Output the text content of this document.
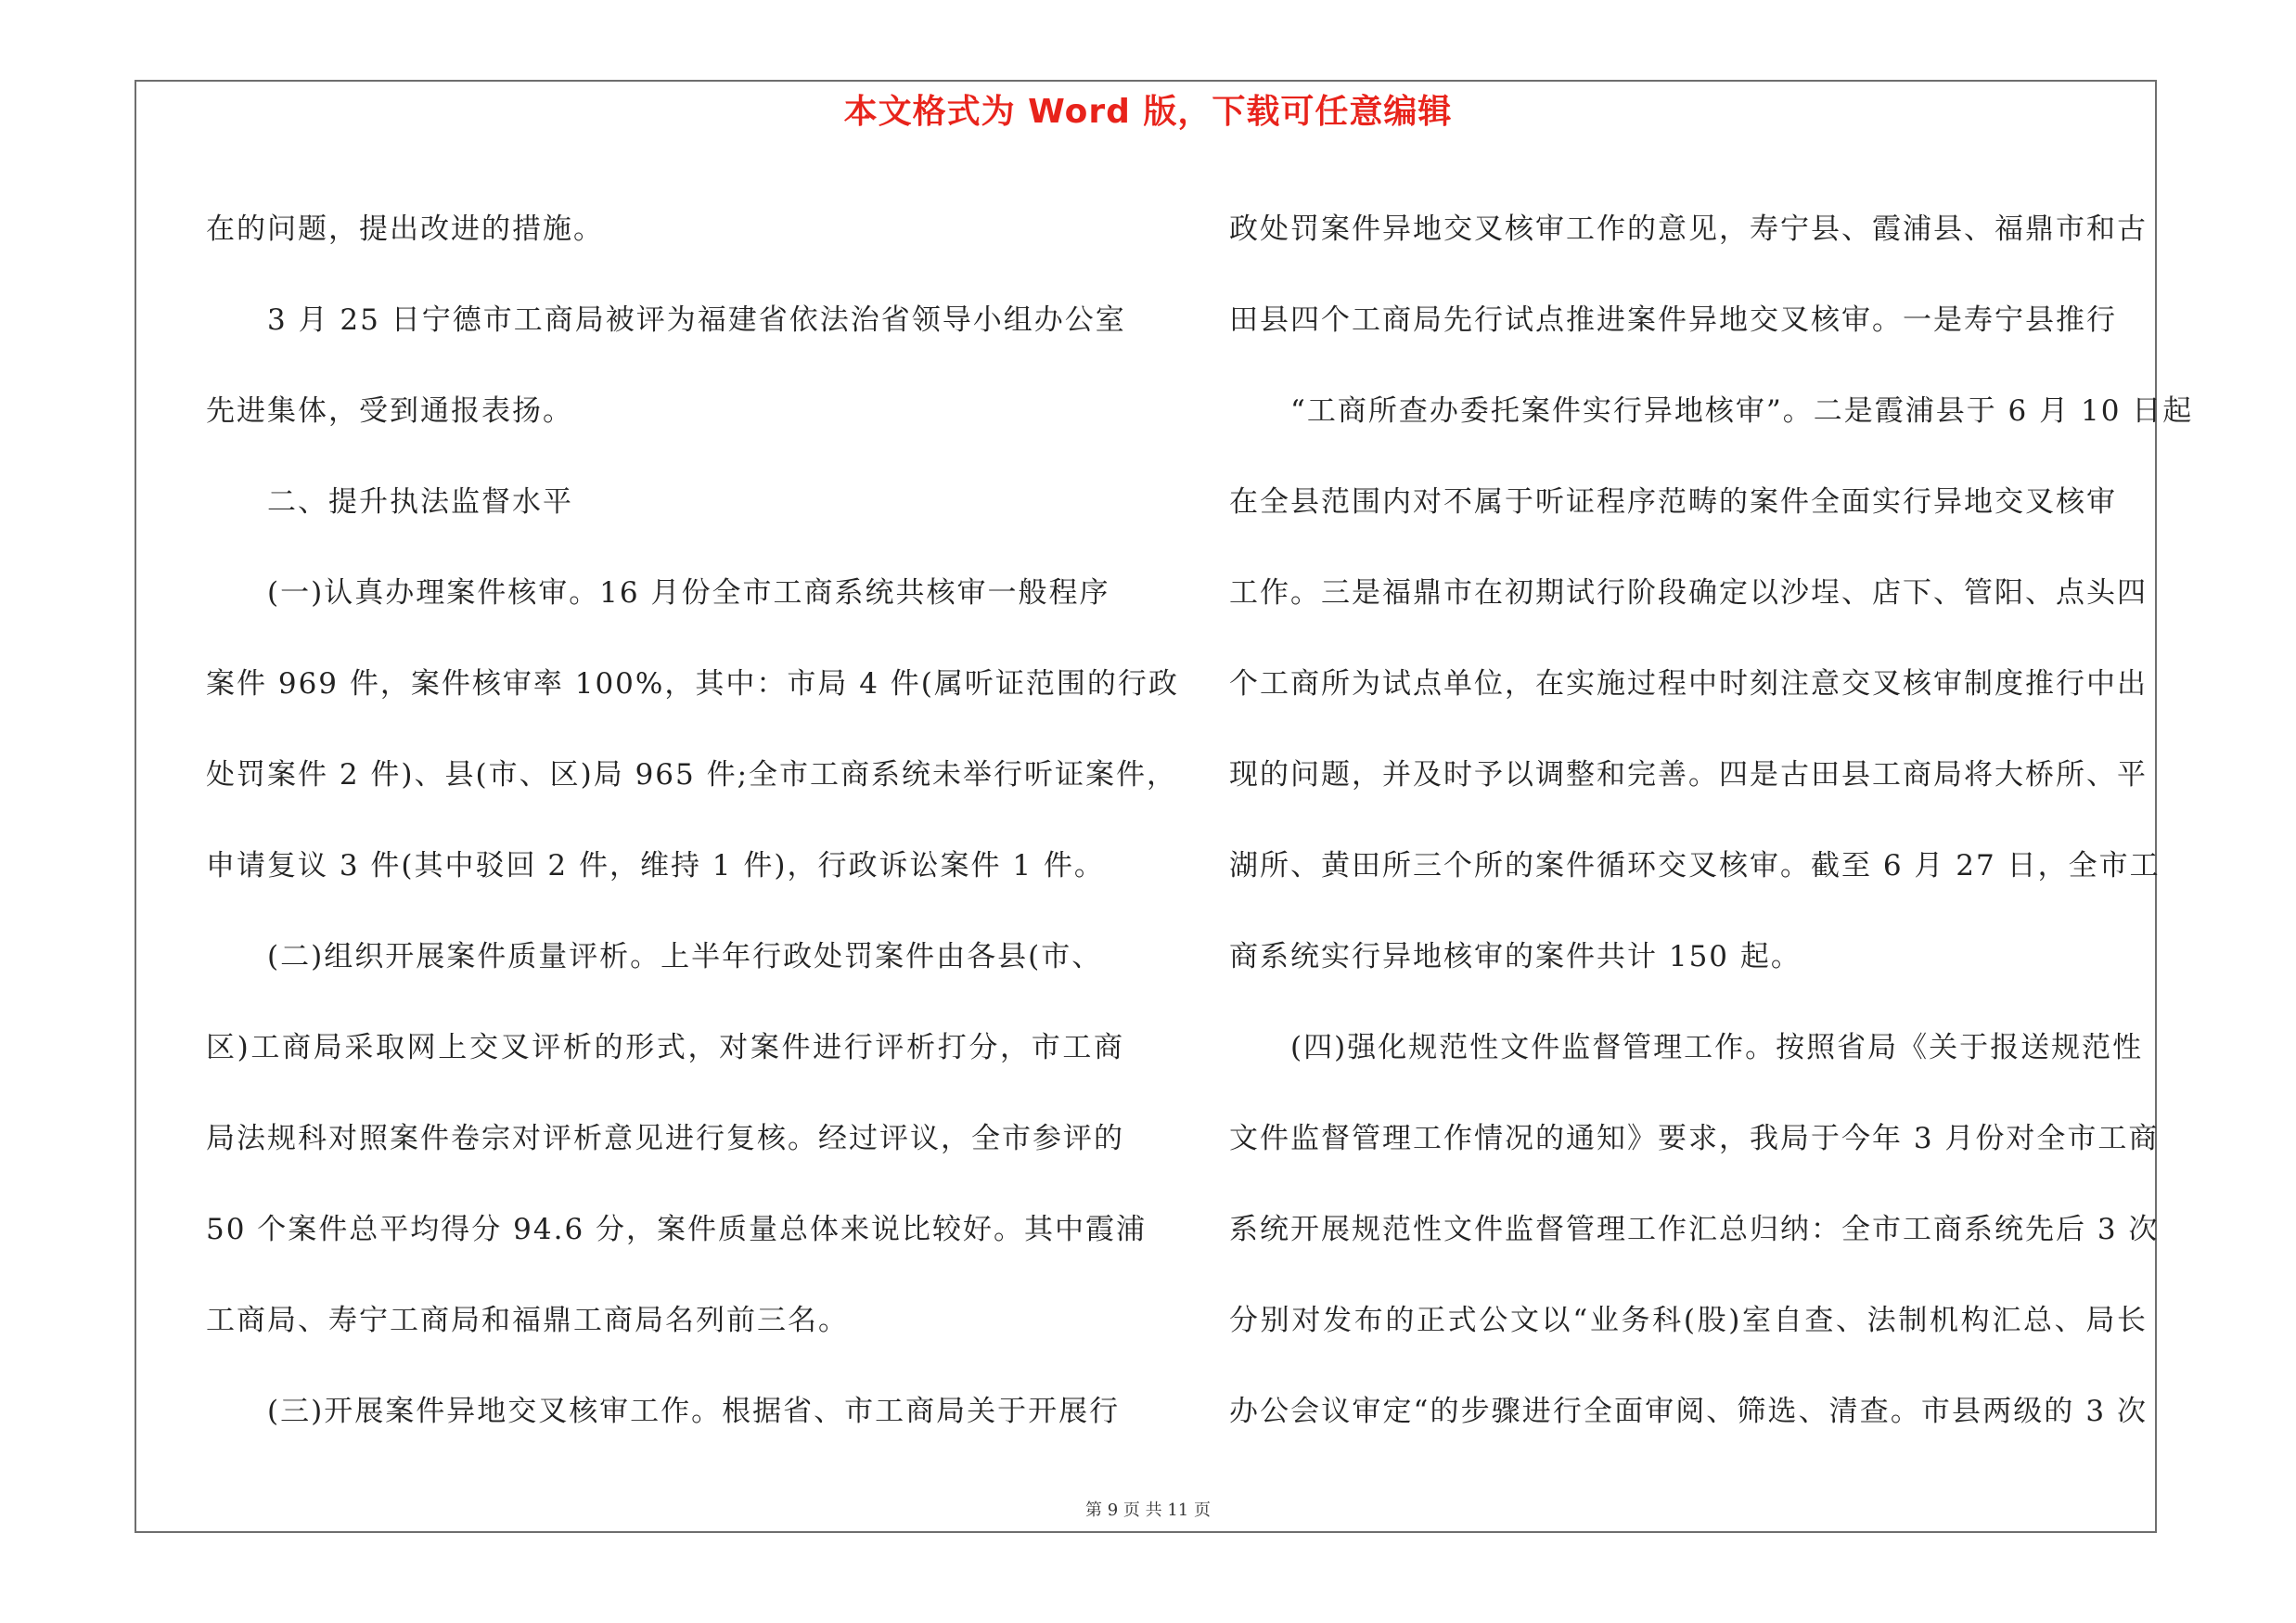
本文格式为 Word 版，下载可任意编辑
在的问题，提出改进的措施。
3 月 25 日宁德市工商局被评为福建省依法治省领导小组办公室
先进集体，受到通报表扬。
二、提升执法监督水平
(一)认真办理案件核审。16 月份全市工商系统共核审一般程序
案件 969 件，案件核审率 100%，其中：市局 4 件(属听证范围的行政
处罚案件 2 件)、县(市、区)局 965 件;全市工商系统未举行听证案件，
申请复议 3 件(其中驳回 2 件，维持 1 件)，行政诉讼案件 1 件。
(二)组织开展案件质量评析。上半年行政处罚案件由各县(市、
区)工商局采取网上交叉评析的形式，对案件进行评析打分，市工商
局法规科对照案件卷宗对评析意见进行复核。经过评议，全市参评的
50 个案件总平均得分 94.6 分，案件质量总体来说比较好。其中霞浦
工商局、寿宁工商局和福鼎工商局名列前三名。
(三)开展案件异地交叉核审工作。根据省、市工商局关于开展行
政处罚案件异地交叉核审工作的意见，寿宁县、霞浦县、福鼎市和古
田县四个工商局先行试点推进案件异地交叉核审。一是寿宁县推行
“工商所查办委托案件实行异地核审”。二是霞浦县于 6 月 10 日起
在全县范围内对不属于听证程序范畴的案件全面实行异地交叉核审
工作。三是福鼎市在初期试行阶段确定以沙埕、店下、管阳、点头四
个工商所为试点单位，在实施过程中时刻注意交叉核审制度推行中出
现的问题，并及时予以调整和完善。四是古田县工商局将大桥所、平
湖所、黄田所三个所的案件循环交叉核审。截至 6 月 27 日，全市工
商系统实行异地核审的案件共计 150 起。
(四)强化规范性文件监督管理工作。按照省局《关于报送规范性
文件监督管理工作情况的通知》要求，我局于今年 3 月份对全市工商
系统开展规范性文件监督管理工作汇总归纳：全市工商系统先后 3 次
分别对发布的正式公文以“业务科(股)室自查、法制机构汇总、局长
办公会议审定“的步骤进行全面审阅、筛选、清查。市县两级的 3 次
第 9 页 共 11 页
